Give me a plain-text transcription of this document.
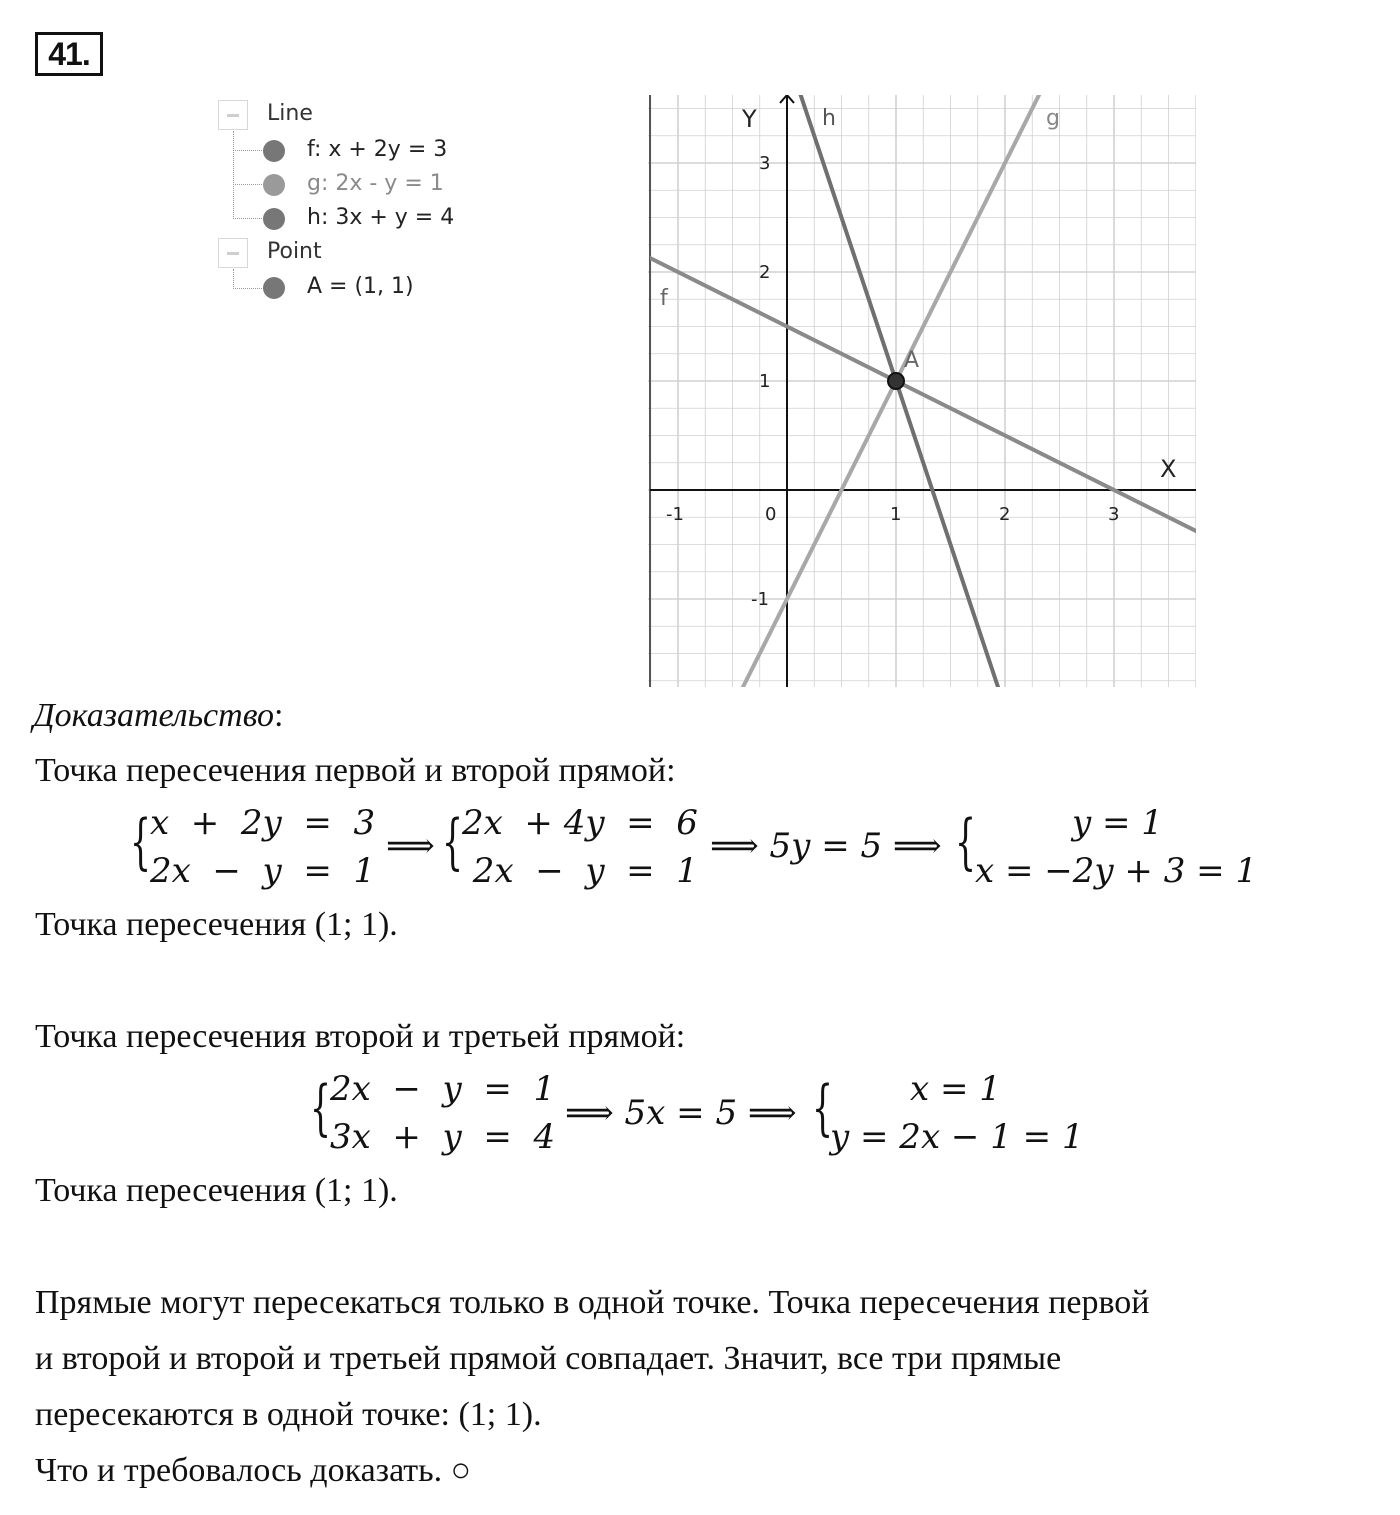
41.
Line
f: x + 2y = 3
g: 2x - y = 1
h: 3x + y = 4
Point
A = (1, 1)
-1	0	1	2	3
3
2
1
-1
X
Y	h	g
f
A
Доказательство:
Точка пересечения первой и второй прямой:
{
x  +  2y  =  3
2x  −  y  =  1
⟹ {
2x  + 4y  =  6
2x  −  y  =  1
⟹ 5y = 5 ⟹ {	y = 1
x = −2y + 3 = 1
Точка пересечения (1; 1).
Точка пересечения второй и третьей прямой:
{
2x  −  y  =  1
3x  +  y  =  4
⟹ 5x = 5 ⟹ { x = 1
y = 2x − 1 = 1
Точка пересечения (1; 1).
Прямые могут пересекаться только в одной точке. Точка пересечения первой
и второй и второй и третьей прямой совпадает. Значит, все три прямые
пересекаются в одной точке: (1; 1).
Что и требовалось доказать. ○
